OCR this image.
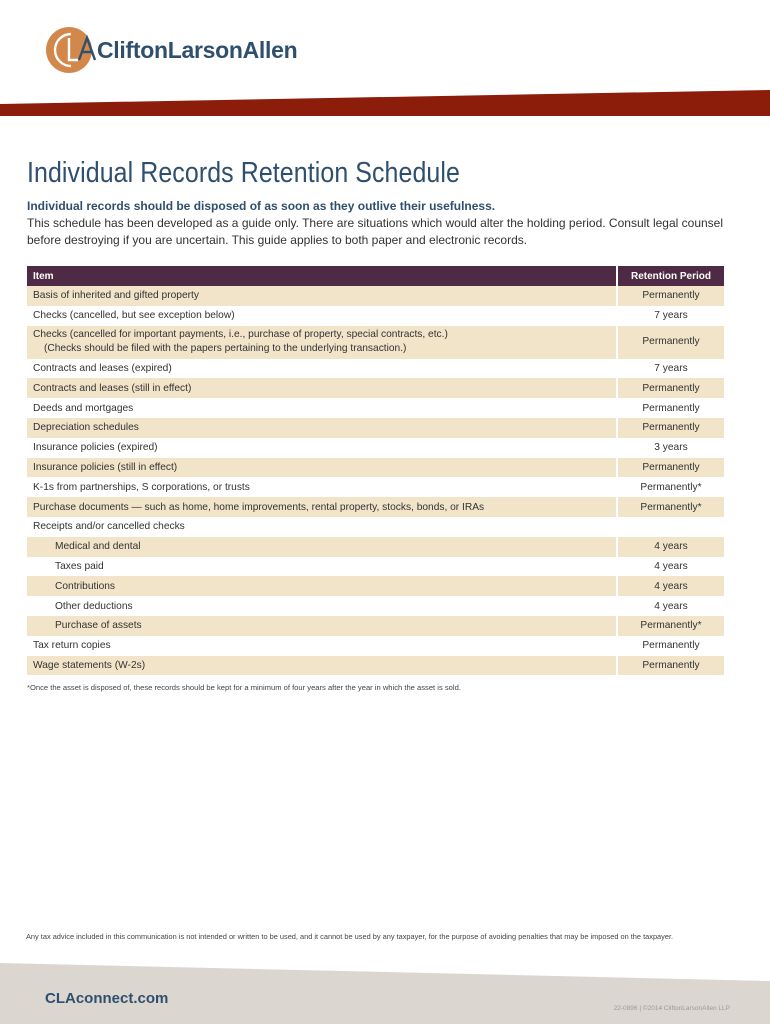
CliftonLarsonAllen
Individual Records Retention Schedule
Individual records should be disposed of as soon as they outlive their usefulness.

This schedule has been developed as a guide only. There are situations which would alter the holding period. Consult legal counsel before destroying if you are uncertain. This guide applies to both paper and electronic records.

Item	Retention Period
Basis of inherited and gifted property	Permanently
Checks (cancelled, but see exception below)	7 years
Checks (cancelled for important payments, i.e., purchase of property, special contracts, etc.)
(Checks should be filed with the papers pertaining to the underlying transaction.)	Permanently
Contracts and leases (expired)	7 years
Contracts and leases (still in effect)	Permanently
Deeds and mortgages	Permanently
Depreciation schedules	Permanently
Insurance policies (expired)	3 years
Insurance policies (still in effect)	Permanently
K-1s from partnerships, S corporations, or trusts	Permanently*
Purchase documents — such as home, home improvements, rental property, stocks, bonds, or IRAs	Permanently*
Receipts and/or cancelled checks	
Medical and dental	4 years
Taxes paid	4 years
Contributions	4 years
Other deductions	4 years
Purchase of assets	Permanently*
Tax return copies	Permanently
Wage statements (W-2s)	Permanently

*Once the asset is disposed of, these records should be kept for a minimum of four years after the year in which the asset is sold.

Any tax advice included in this communication is not intended or written to be used, and it cannot be used by any taxpayer, for the purpose of avoiding penalties that may be imposed on the taxpayer.

CLAconnect.com
22-0896 | ©2014 CliftonLarsonAllen LLP
